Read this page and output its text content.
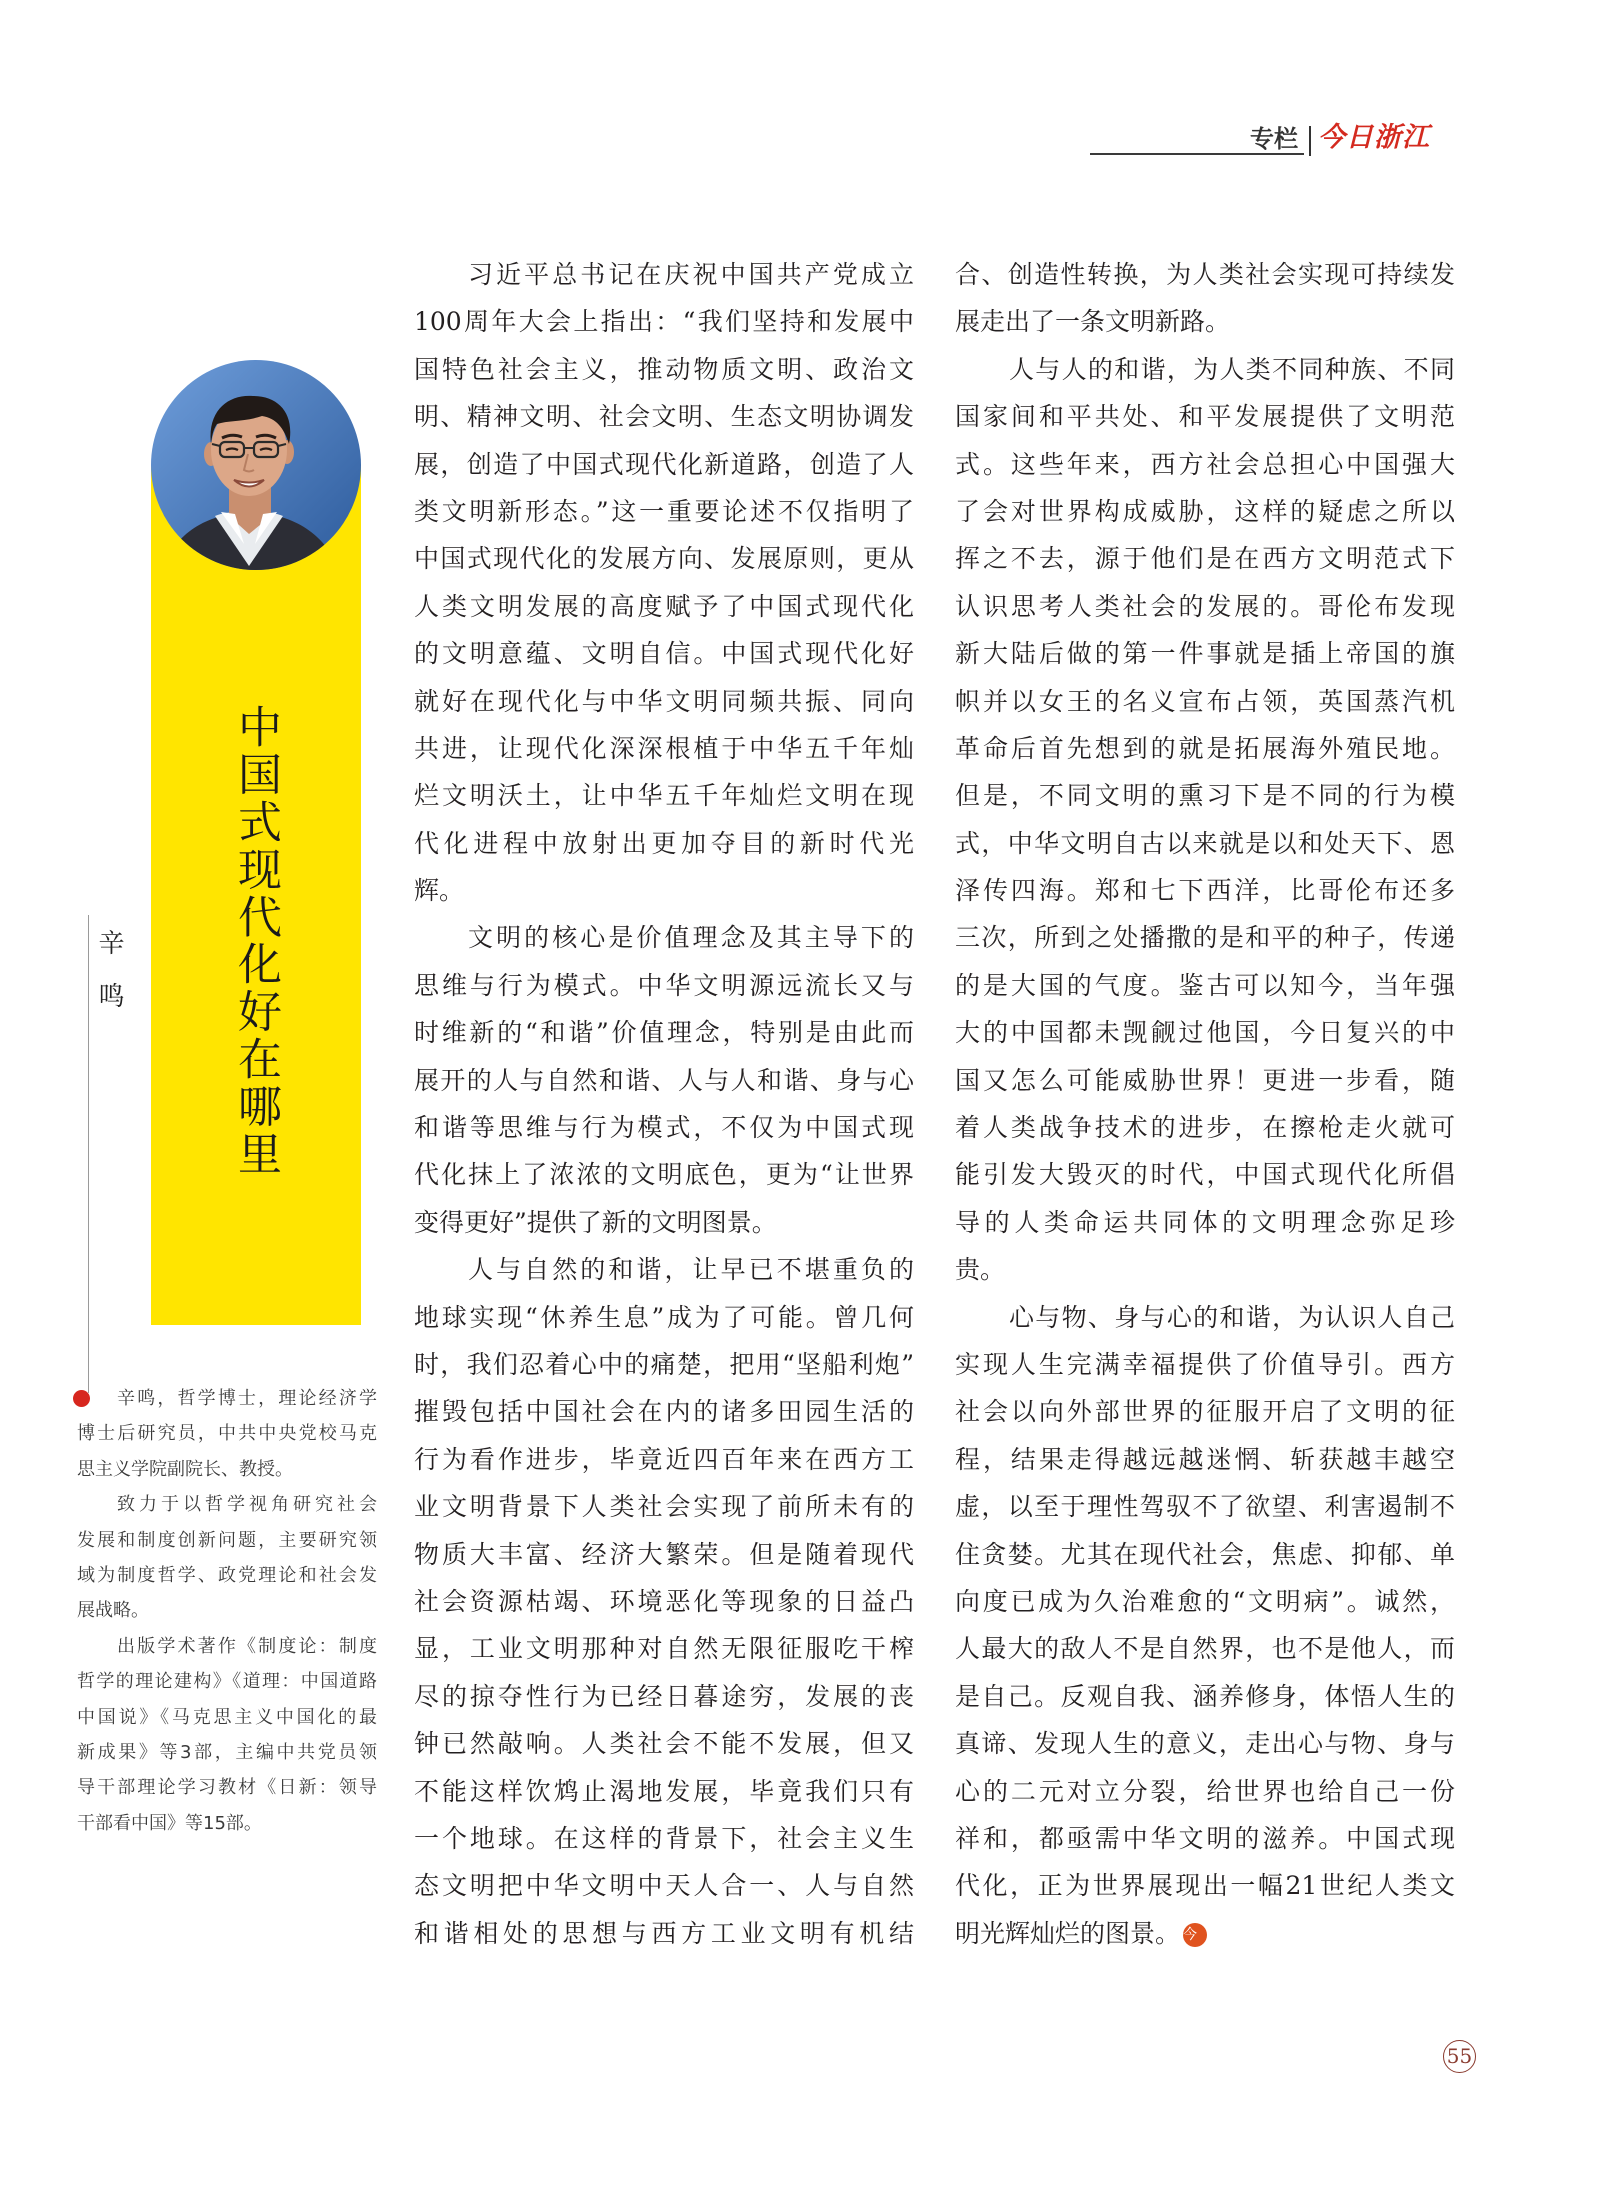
专栏 今日浙江
中国式现代化好在哪里
辛鸣
辛鸣，哲学博士，理论经济学
博士后研究员，中共中央党校马克
思主义学院副院长、教授。
致力于以哲学视角研究社会
发展和制度创新问题，主要研究领
域为制度哲学、政党理论和社会发
展战略。
出版学术著作《制度论：制度
哲学的理论建构》《道理：中国道路
中国说》《马克思主义中国化的最
新成果》等3部，主编中共党员领
导干部理论学习教材《日新：领导
干部看中国》等15部。
习近平总书记在庆祝中国共产党成立
100周年大会上指出：“我们坚持和发展中
国特色社会主义，推动物质文明、政治文
明、精神文明、社会文明、生态文明协调发
展，创造了中国式现代化新道路，创造了人
类文明新形态。”这一重要论述不仅指明了
中国式现代化的发展方向、发展原则，更从
人类文明发展的高度赋予了中国式现代化
的文明意蕴、文明自信。中国式现代化好
就好在现代化与中华文明同频共振、同向
共进，让现代化深深根植于中华五千年灿
烂文明沃土，让中华五千年灿烂文明在现
代化进程中放射出更加夺目的新时代光
辉。
文明的核心是价值理念及其主导下的
思维与行为模式。中华文明源远流长又与
时维新的“和谐”价值理念，特别是由此而
展开的人与自然和谐、人与人和谐、身与心
和谐等思维与行为模式，不仅为中国式现
代化抹上了浓浓的文明底色，更为“让世界
变得更好”提供了新的文明图景。
人与自然的和谐，让早已不堪重负的
地球实现“休养生息”成为了可能。曾几何
时，我们忍着心中的痛楚，把用“坚船利炮”
摧毁包括中国社会在内的诸多田园生活的
行为看作进步，毕竟近四百年来在西方工
业文明背景下人类社会实现了前所未有的
物质大丰富、经济大繁荣。但是随着现代
社会资源枯竭、环境恶化等现象的日益凸
显，工业文明那种对自然无限征服吃干榨
尽的掠夺性行为已经日暮途穷，发展的丧
钟已然敲响。人类社会不能不发展，但又
不能这样饮鸩止渴地发展，毕竟我们只有
一个地球。在这样的背景下，社会主义生
态文明把中华文明中天人合一、人与自然
和谐相处的思想与西方工业文明有机结
合、创造性转换，为人类社会实现可持续发
展走出了一条文明新路。
人与人的和谐，为人类不同种族、不同
国家间和平共处、和平发展提供了文明范
式。这些年来，西方社会总担心中国强大
了会对世界构成威胁，这样的疑虑之所以
挥之不去，源于他们是在西方文明范式下
认识思考人类社会的发展的。哥伦布发现
新大陆后做的第一件事就是插上帝国的旗
帜并以女王的名义宣布占领，英国蒸汽机
革命后首先想到的就是拓展海外殖民地。
但是，不同文明的熏习下是不同的行为模
式，中华文明自古以来就是以和处天下、恩
泽传四海。郑和七下西洋，比哥伦布还多
三次，所到之处播撒的是和平的种子，传递
的是大国的气度。鉴古可以知今，当年强
大的中国都未觊觎过他国，今日复兴的中
国又怎么可能威胁世界！更进一步看，随
着人类战争技术的进步，在擦枪走火就可
能引发大毁灭的时代，中国式现代化所倡
导的人类命运共同体的文明理念弥足珍
贵。
心与物、身与心的和谐，为认识人自己
实现人生完满幸福提供了价值导引。西方
社会以向外部世界的征服开启了文明的征
程，结果走得越远越迷惘、斩获越丰越空
虚，以至于理性驾驭不了欲望、利害遏制不
住贪婪。尤其在现代社会，焦虑、抑郁、单
向度已成为久治难愈的“文明病”。诚然，
人最大的敌人不是自然界，也不是他人，而
是自己。反观自我、涵养修身，体悟人生的
真谛、发现人生的意义，走出心与物、身与
心的二元对立分裂，给世界也给自己一份
祥和，都亟需中华文明的滋养。中国式现
代化，正为世界展现出一幅21世纪人类文
明光辉灿烂的图景。 今
55
